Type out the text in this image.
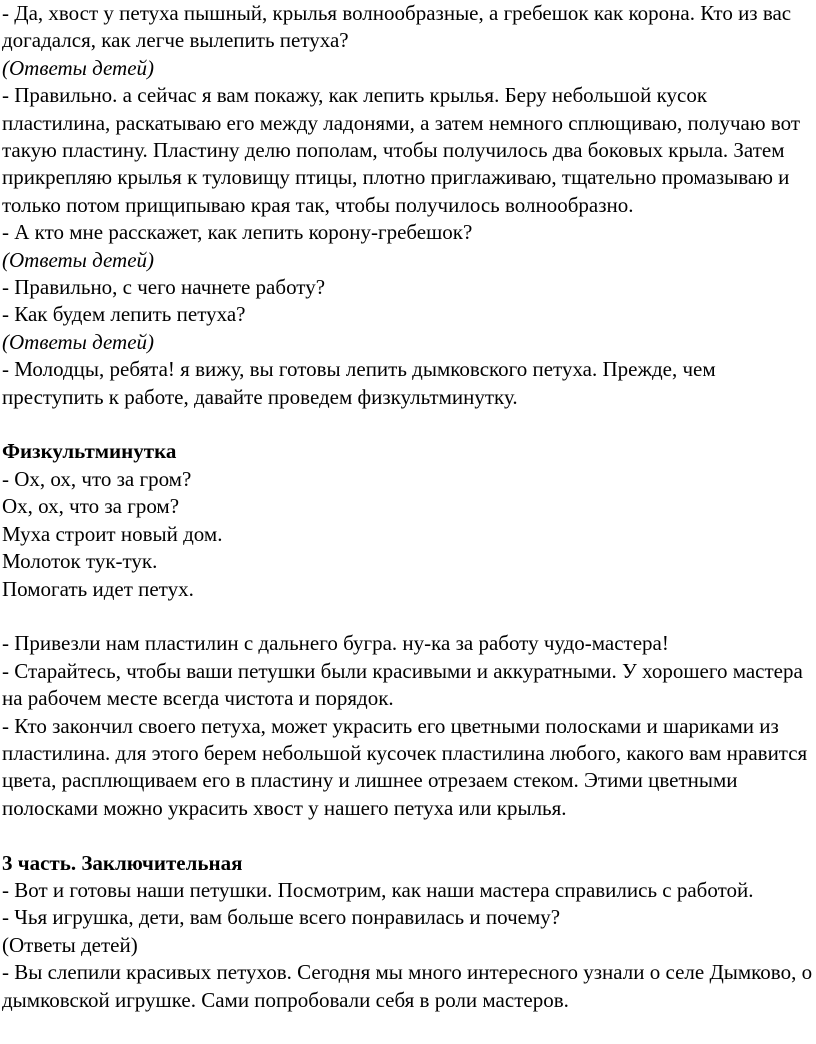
- Да, хвост у петуха пышный, крылья волнообразные, а гребешок как корона. Кто из вас
догадался, как легче вылепить петуха?
(Ответы детей)
- Правильно. а сейчас я вам покажу, как лепить крылья. Беру небольшой кусок
пластилина, раскатываю его между ладонями, а затем немного сплющиваю, получаю вот
такую пластину. Пластину делю пополам, чтобы получилось два боковых крыла. Затем
прикрепляю крылья к туловищу птицы, плотно приглаживаю, тщательно промазываю и
только потом прищипываю края так, чтобы получилось волнообразно.
- А кто мне расскажет, как лепить корону-гребешок?
(Ответы детей)
- Правильно, с чего начнете работу?
- Как будем лепить петуха?
(Ответы детей)
- Молодцы, ребята! я вижу, вы готовы лепить дымковского петуха. Прежде, чем
преступить к работе, давайте проведем физкультминутку.
Физкультминутка
- Ох, ох, что за гром?
Ох, ох, что за гром?
Муха строит новый дом.
Молоток тук-тук.
Помогать идет петух.
- Привезли нам пластилин с дальнего бугра. ну-ка за работу чудо-мастера!
- Старайтесь, чтобы ваши петушки были красивыми и аккуратными. У хорошего мастера
на рабочем месте всегда чистота и порядок.
- Кто закончил своего петуха, может украсить его цветными полосками и шариками из
пластилина. для этого берем небольшой кусочек пластилина любого, какого вам нравится
цвета, расплющиваем его в пластину и лишнее отрезаем стеком. Этими цветными
полосками можно украсить хвост у нашего петуха или крылья.
3 часть. Заключительная
- Вот и готовы наши петушки. Посмотрим, как наши мастера справились с работой.
- Чья игрушка, дети, вам больше всего понравилась и почему?
(Ответы детей)
- Вы слепили красивых петухов. Сегодня мы много интересного узнали о селе Дымково, о
дымковской игрушке. Сами попробовали себя в роли мастеров.
